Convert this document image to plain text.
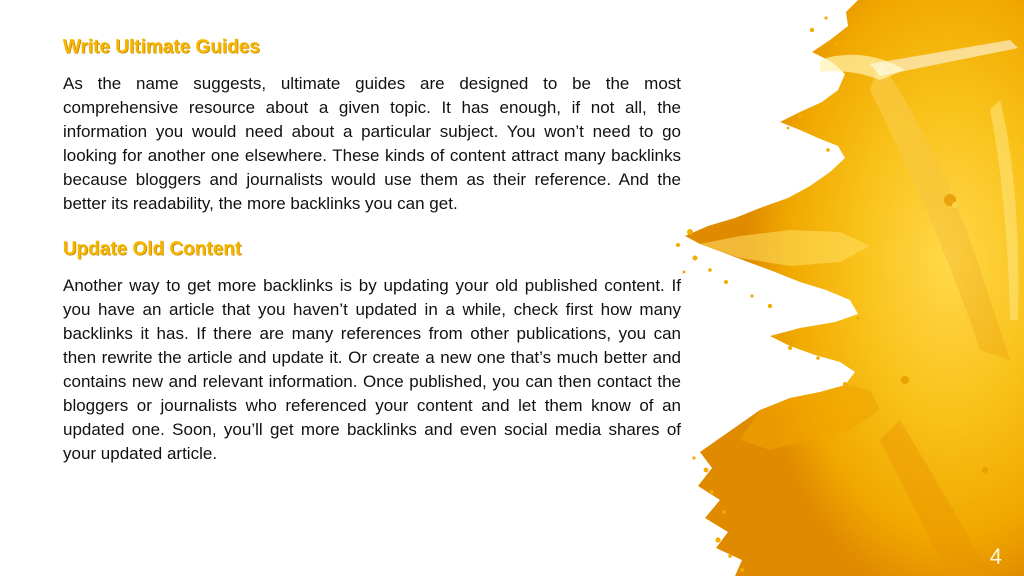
Write Ultimate Guides

As the name suggests, ultimate guides are designed to be the most comprehensive resource about a given topic. It has enough, if not all, the information you would need about a particular subject. You won’t need to go looking for another one elsewhere. These kinds of content attract many backlinks because bloggers and journalists would use them as their reference. And the better its readability, the more backlinks you can get.

Update Old Content

Another way to get more backlinks is by updating your old published content. If you have an article that you haven’t updated in a while, check first how many backlinks it has. If there are many references from other publications, you can then rewrite the article and update it. Or create a new one that’s much better and contains new and relevant information. Once published, you can then contact the bloggers or journalists who referenced your content and let them know of an updated one. Soon, you’ll get more backlinks and even social media shares of your updated article.

4
